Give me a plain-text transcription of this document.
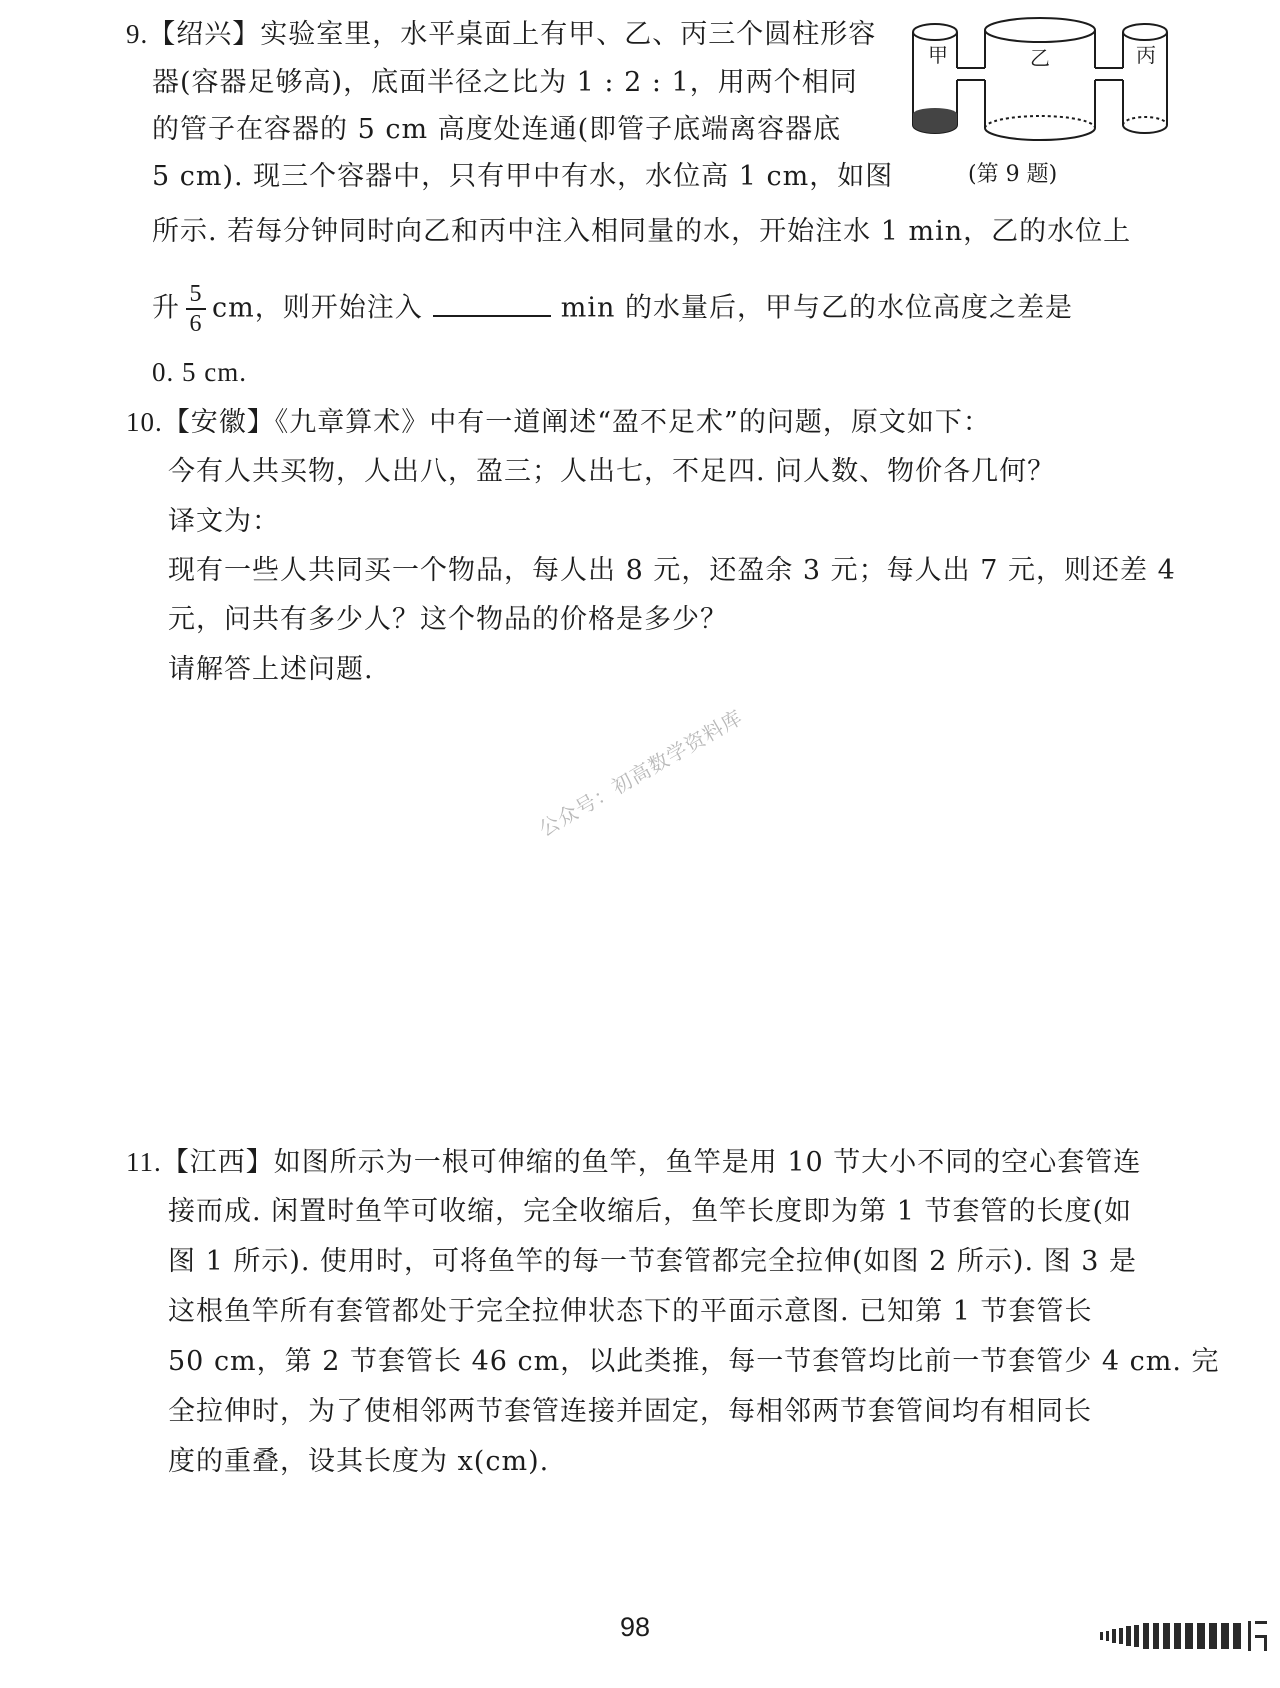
9.【绍兴】实验室里，水平桌面上有甲、乙、丙三个圆柱形容
器(容器足够高)，底面半径之比为 1 : 2 : 1，用两个相同
的管子在容器的 5 cm 高度处连通(即管子底端离容器底
5 cm). 现三个容器中，只有甲中有水，水位高 1 cm，如图
所示. 若每分钟同时向乙和丙中注入相同量的水，开始注水 1 min，乙的水位上
升 $\frac{5}{6}$ cm，则开始注入	min 的水量后，甲与乙的水位高度之差是
0. 5 cm.
甲	乙	丙
(第 9 题)
10.【安徽】《九章算术》中有一道阐述“盈不足术”的问题，原文如下：
今有人共买物，人出八，盈三；人出七，不足四. 问人数、物价各几何？
译文为：
现有一些人共同买一个物品，每人出 8 元，还盈余 3 元；每人出 7 元，则还差 4
元，问共有多少人？这个物品的价格是多少？
请解答上述问题.
公众号：初高数学资料库
11.【江西】如图所示为一根可伸缩的鱼竿，鱼竿是用 10 节大小不同的空心套管连
接而成. 闲置时鱼竿可收缩，完全收缩后，鱼竿长度即为第 1 节套管的长度(如
图 1 所示). 使用时，可将鱼竿的每一节套管都完全拉伸(如图 2 所示). 图 3 是
这根鱼竿所有套管都处于完全拉伸状态下的平面示意图. 已知第 1 节套管长
50 cm，第 2 节套管长 46 cm，以此类推，每一节套管均比前一节套管少 4 cm. 完
全拉伸时，为了使相邻两节套管连接并固定，每相邻两节套管间均有相同长
度的重叠，设其长度为 x(cm).
98
